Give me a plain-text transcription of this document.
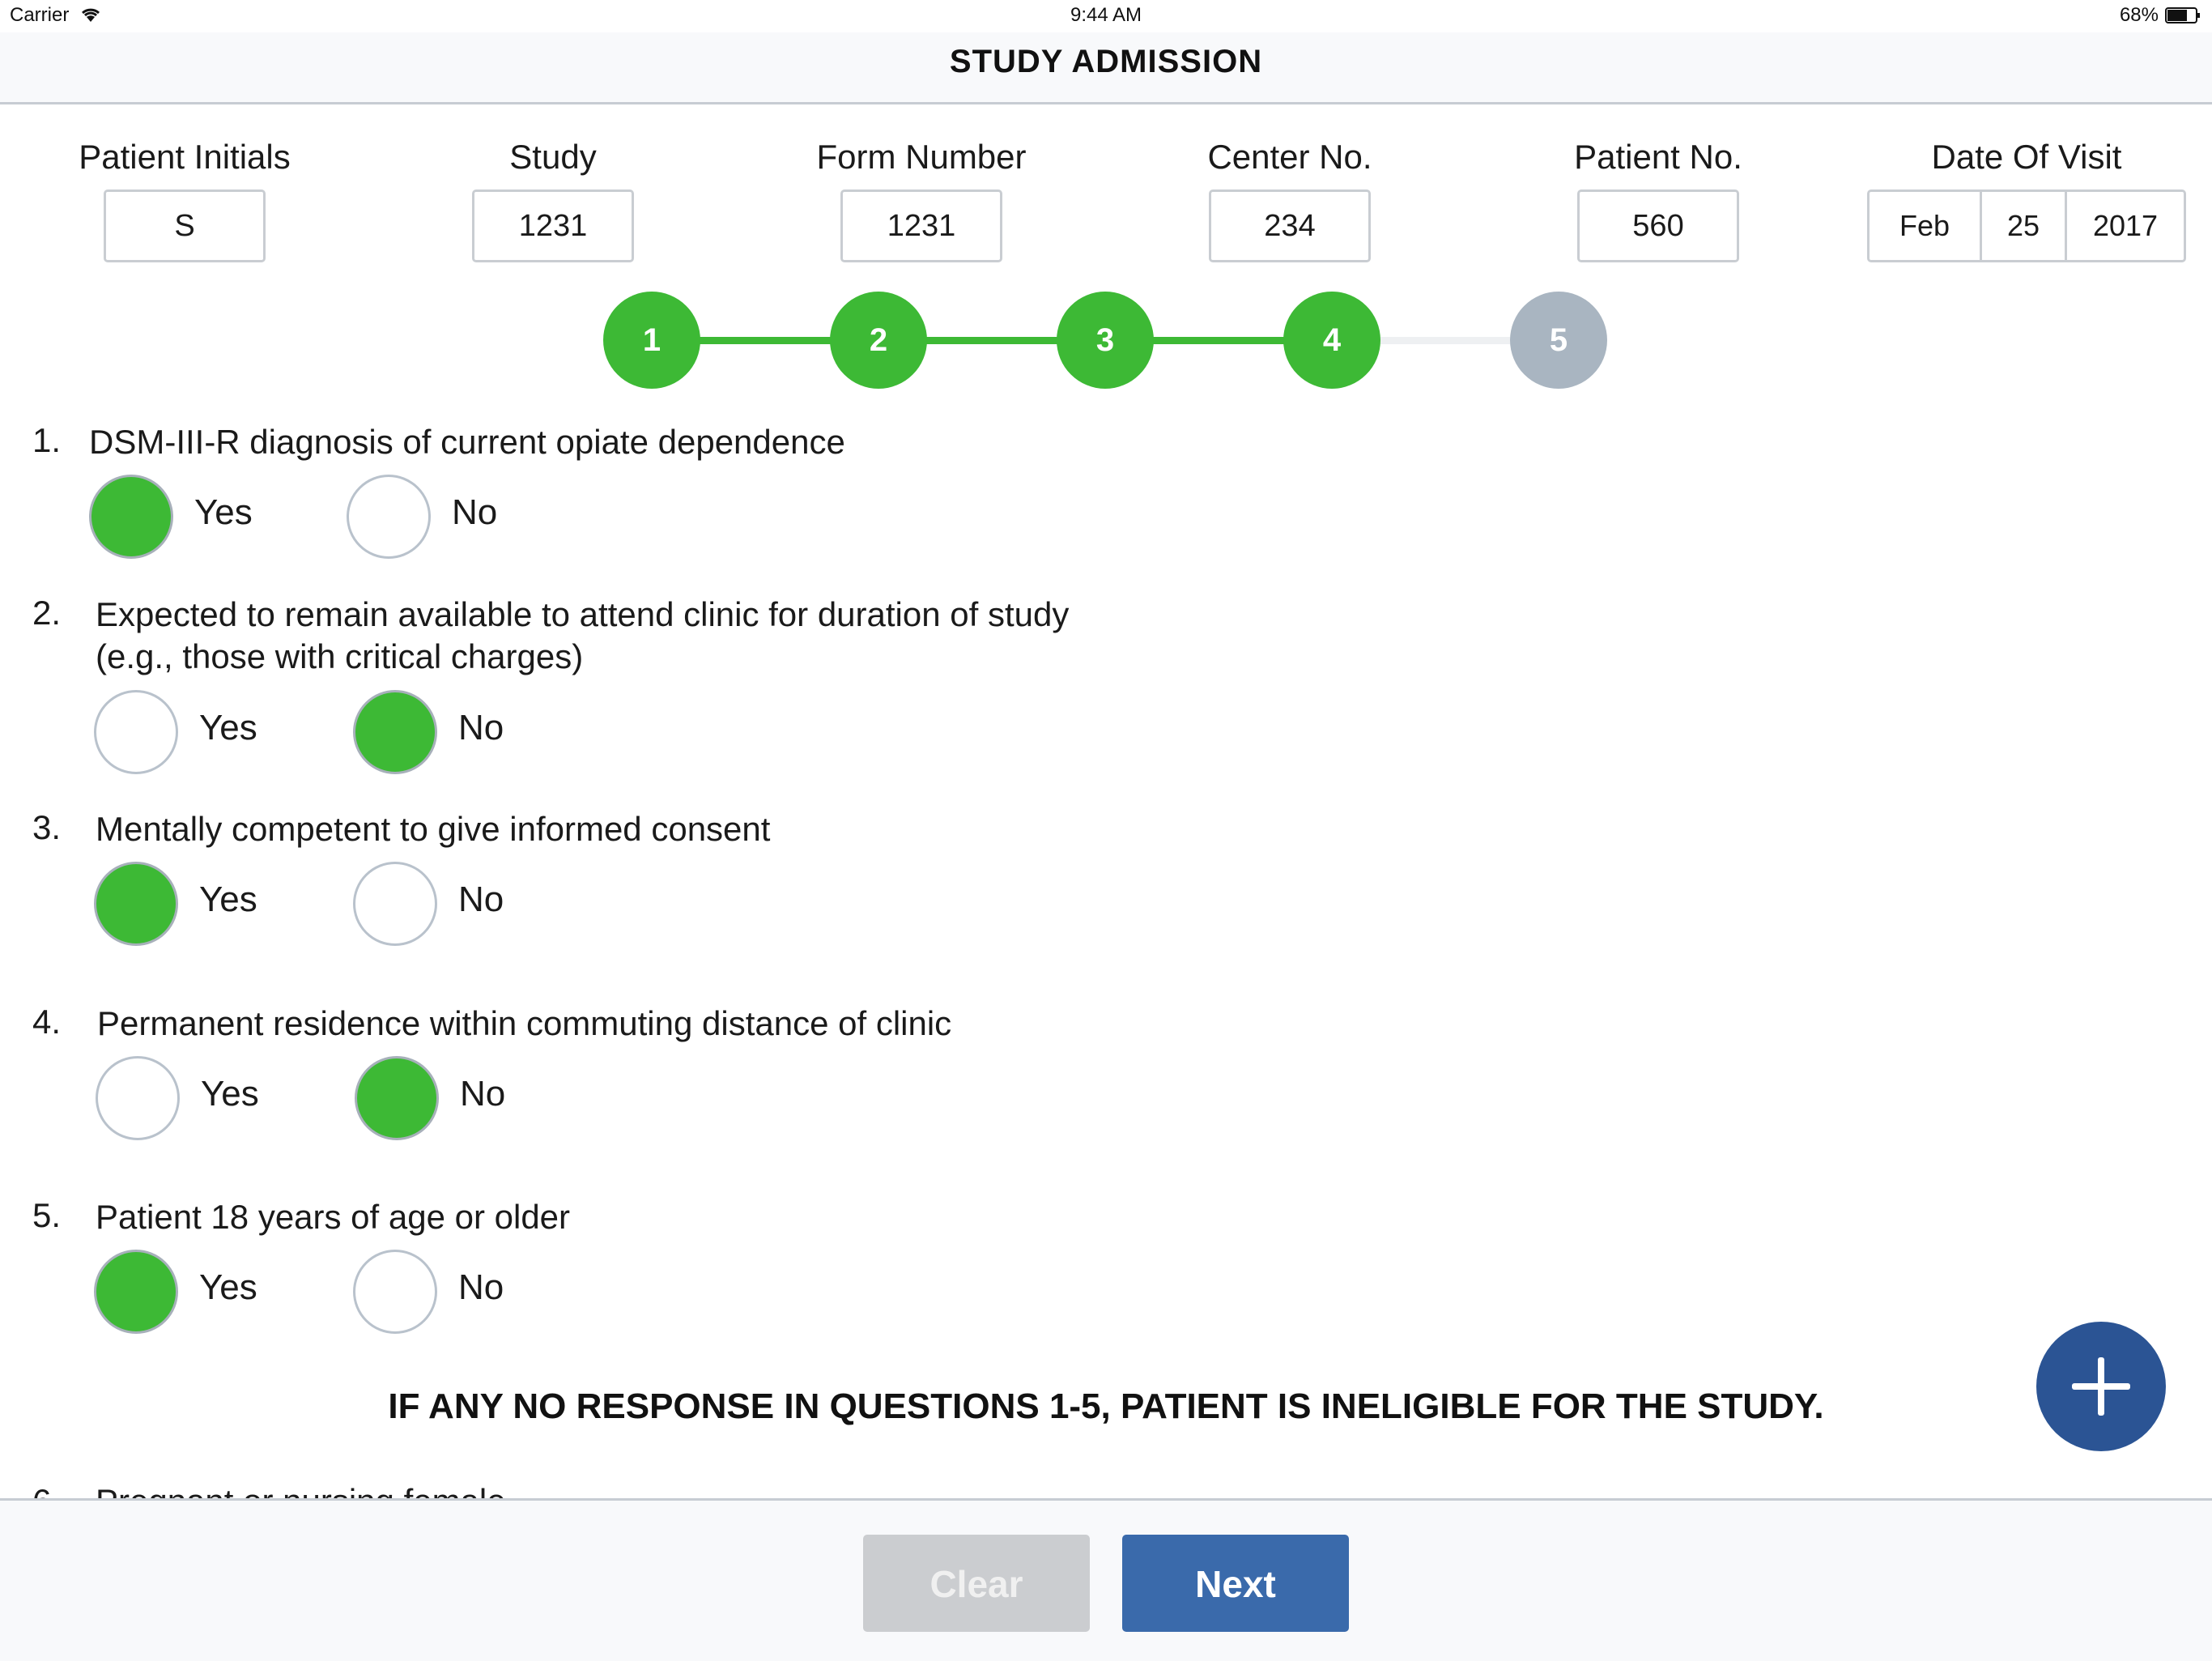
Carrier	9:44 AM	68%
STUDY ADMISSION
Patient Initials
S
Study
1231
Form Number
1231
Center No.
234
Patient No.
560
Date Of Visit
Feb	25	2017
1	2	3	4	5
1. DSM-III-R diagnosis of current opiate dependence
Yes	No
2. Expected to remain available to attend clinic for duration of study
(e.g., those with critical charges)
Yes	No
3. Mentally competent to give informed consent
Yes	No
4. Permanent residence within commuting distance of clinic
Yes	No
5. Patient 18 years of age or older
Yes	No
IF ANY NO RESPONSE IN QUESTIONS 1-5, PATIENT IS INELIGIBLE FOR THE STUDY.
Clear	Next
